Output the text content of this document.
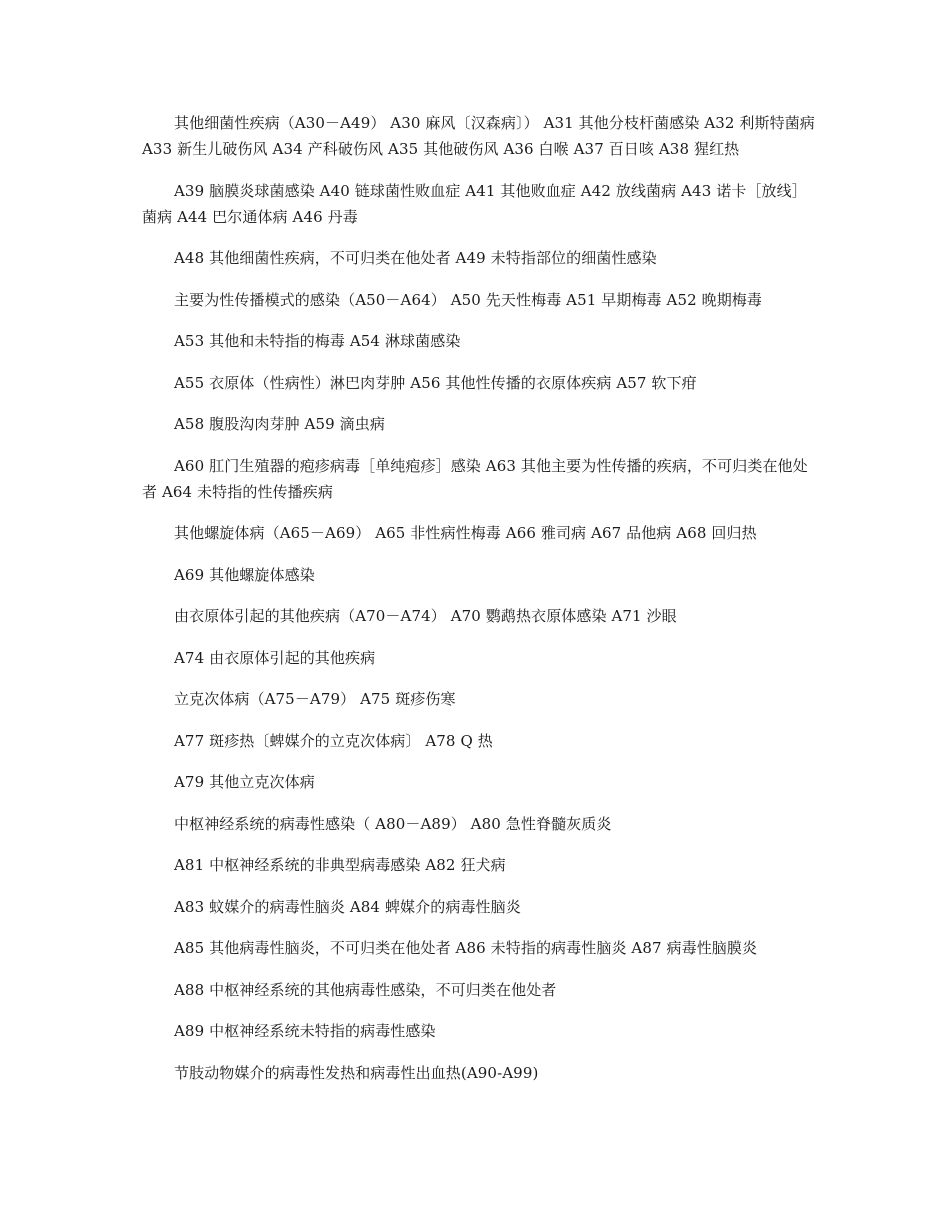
其他细菌性疾病（A30－A49） A30 麻风〔汉森病〕） A31 其他分枝杆菌感染 A32 利斯特菌病 A33 新生儿破伤风 A34 产科破伤风 A35 其他破伤风 A36 白喉 A37 百日咳 A38 猩红热

A39 脑膜炎球菌感染 A40 链球菌性败血症 A41 其他败血症 A42 放线菌病 A43 诺卡［放线］菌病 A44 巴尔通体病 A46 丹毒

A48 其他细菌性疾病，不可归类在他处者 A49 未特指部位的细菌性感染

主要为性传播模式的感染（A50－A64） A50 先天性梅毒 A51 早期梅毒 A52 晚期梅毒

A53 其他和未特指的梅毒 A54 淋球菌感染

A55 衣原体（性病性）淋巴肉芽肿 A56 其他性传播的衣原体疾病 A57 软下疳

A58 腹股沟肉芽肿 A59 滴虫病

A60 肛门生殖器的疱疹病毒［单纯疱疹］感染 A63 其他主要为性传播的疾病，不可归类在他处者 A64 未特指的性传播疾病

其他螺旋体病（A65－A69） A65 非性病性梅毒 A66 雅司病 A67 品他病 A68 回归热

A69 其他螺旋体感染

由衣原体引起的其他疾病（A70－A74） A70 鹦鹉热衣原体感染 A71 沙眼

A74 由衣原体引起的其他疾病

立克次体病（A75－A79） A75 斑疹伤寒

A77 斑疹热〔蜱媒介的立克次体病〕 A78 Q 热

A79 其他立克次体病

中枢神经系统的病毒性感染（ A80－A89） A80 急性脊髓灰质炎

A81 中枢神经系统的非典型病毒感染 A82 狂犬病

A83 蚊媒介的病毒性脑炎 A84 蜱媒介的病毒性脑炎

A85 其他病毒性脑炎，不可归类在他处者 A86 未特指的病毒性脑炎 A87 病毒性脑膜炎

A88 中枢神经系统的其他病毒性感染，不可归类在他处者

A89 中枢神经系统未特指的病毒性感染

节肢动物媒介的病毒性发热和病毒性出血热(A90-A99)
